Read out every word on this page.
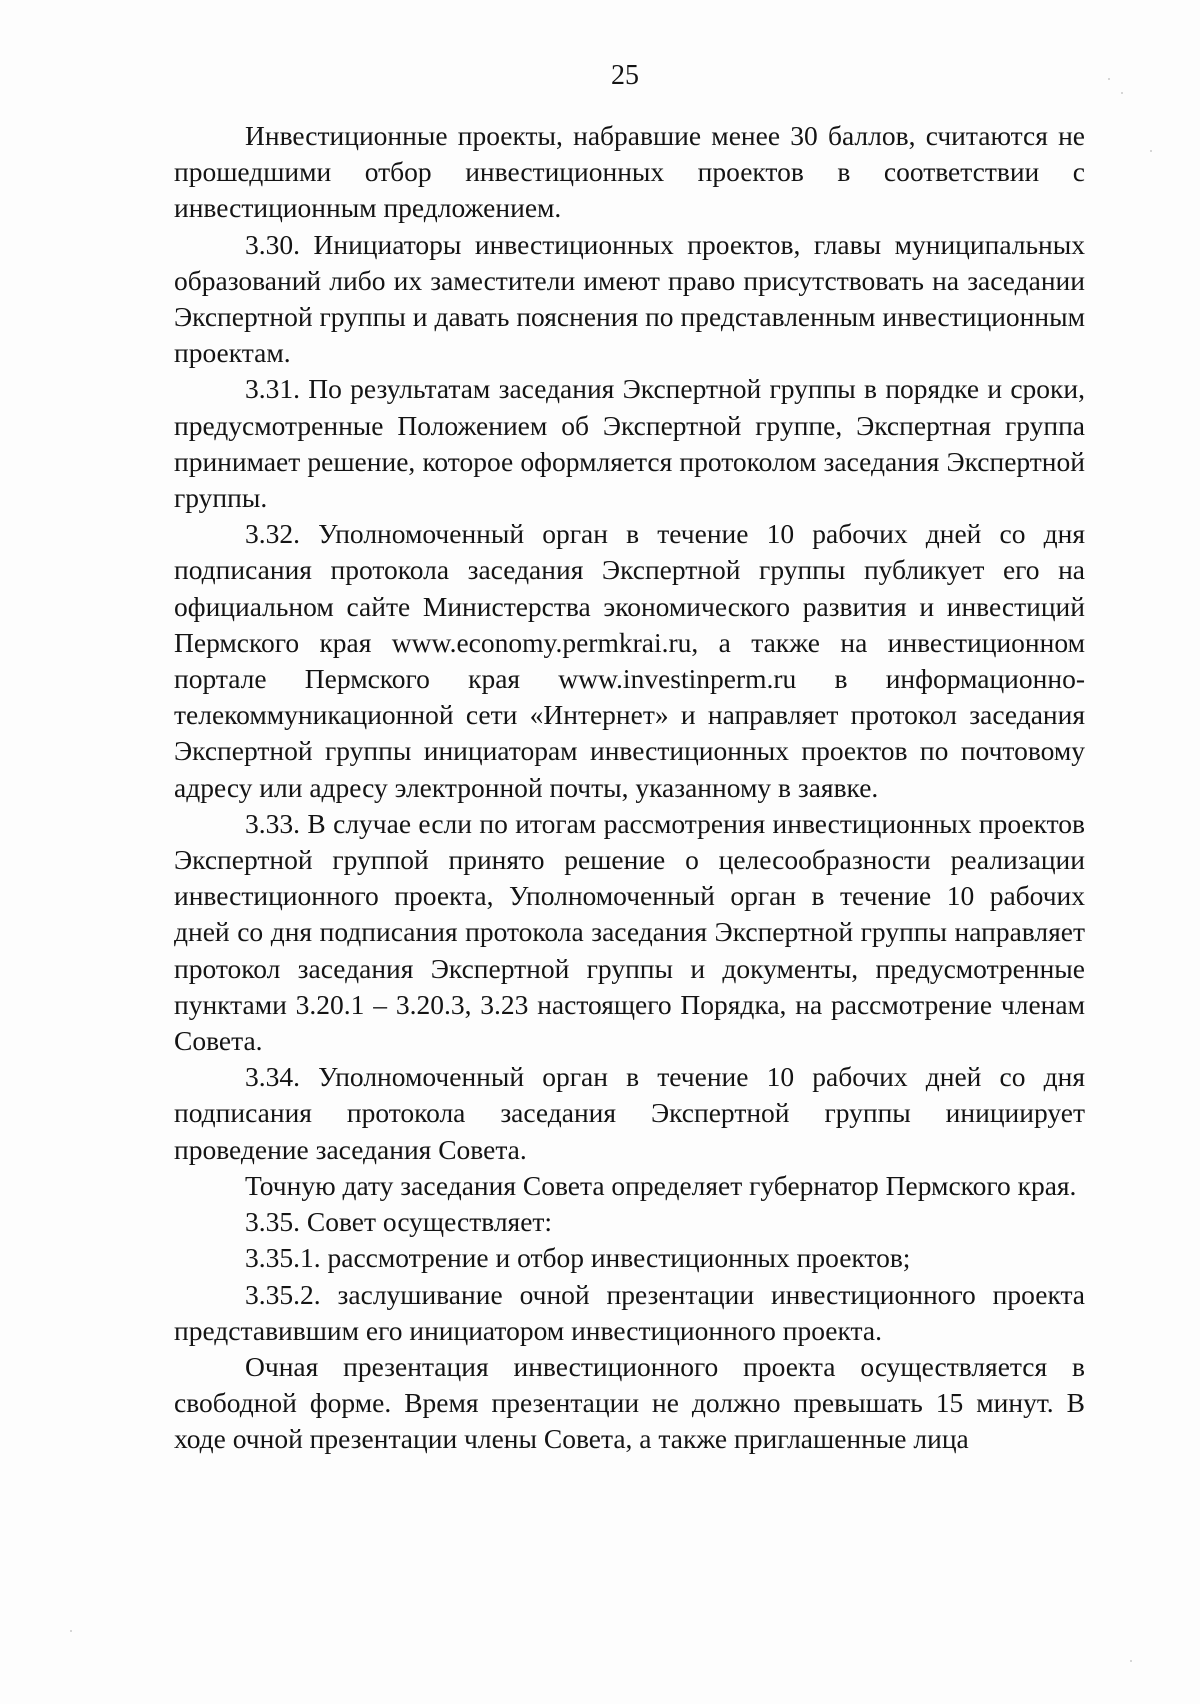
25

Инвестиционные проекты, набравшие менее 30 баллов, считаются не прошедшими отбор инвестиционных проектов в соответствии с инвестиционным предложением.

3.30. Инициаторы инвестиционных проектов, главы муниципальных образований либо их заместители имеют право присутствовать на заседании Экспертной группы и давать пояснения по представленным инвестиционным проектам.

3.31. По результатам заседания Экспертной группы в порядке и сроки, предусмотренные Положением об Экспертной группе, Экспертная группа принимает решение, которое оформляется протоколом заседания Экспертной группы.

3.32. Уполномоченный орган в течение 10 рабочих дней со дня подписания протокола заседания Экспертной группы публикует его на официальном сайте Министерства экономического развития и инвестиций Пермского края www.economy.permkrai.ru, а также на инвестиционном портале Пермского края www.investinperm.ru в информационно-телекоммуникационной сети «Интернет» и направляет протокол заседания Экспертной группы инициаторам инвестиционных проектов по почтовому адресу или адресу электронной почты, указанному в заявке.

3.33. В случае если по итогам рассмотрения инвестиционных проектов Экспертной группой принято решение о целесообразности реализации инвестиционного проекта, Уполномоченный орган в течение 10 рабочих дней со дня подписания протокола заседания Экспертной группы направляет протокол заседания Экспертной группы и документы, предусмотренные пунктами 3.20.1 – 3.20.3, 3.23 настоящего Порядка, на рассмотрение членам Совета.

3.34. Уполномоченный орган в течение 10 рабочих дней со дня подписания протокола заседания Экспертной группы инициирует проведение заседания Совета.

Точную дату заседания Совета определяет губернатор Пермского края.

3.35. Совет осуществляет:

3.35.1. рассмотрение и отбор инвестиционных проектов;

3.35.2. заслушивание очной презентации инвестиционного проекта представившим его инициатором инвестиционного проекта.

Очная презентация инвестиционного проекта осуществляется в свободной форме. Время презентации не должно превышать 15 минут. В ходе очной презентации члены Совета, а также приглашенные лица
